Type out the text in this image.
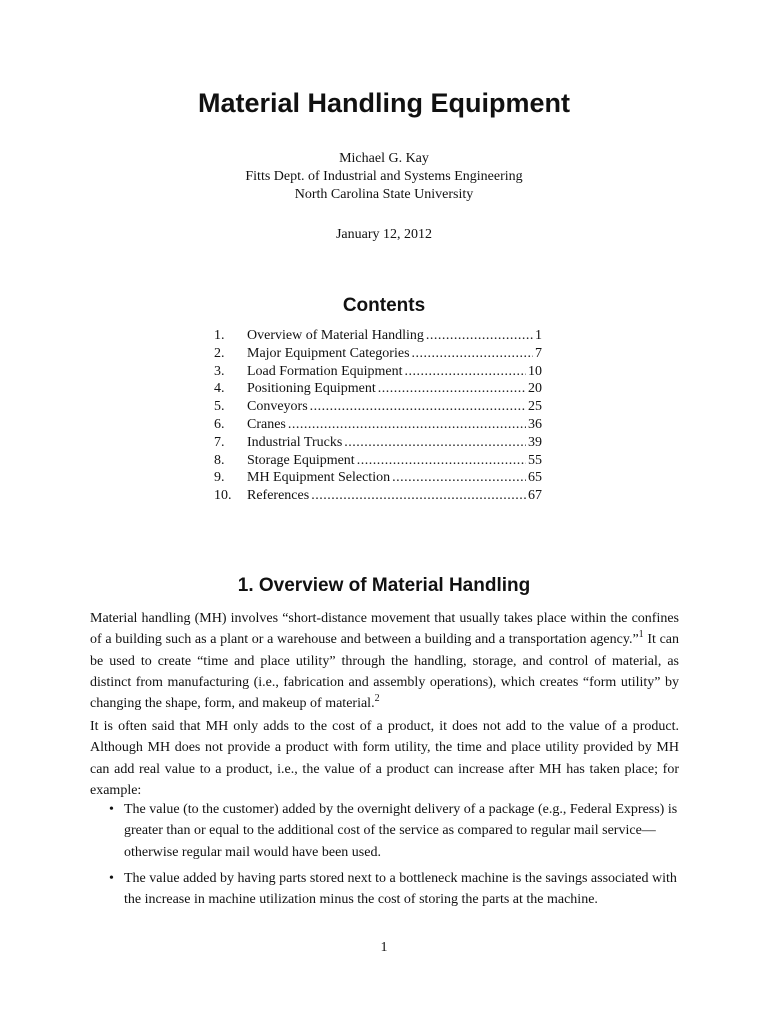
Material Handling Equipment
Michael G. Kay
Fitts Dept. of Industrial and Systems Engineering
North Carolina State University
January 12, 2012
Contents
1.	Overview of Material Handling .....	1
2.	Major Equipment Categories .....	7
3.	Load Formation Equipment .....	10
4.	Positioning Equipment .....	20
5.	Conveyors .....	25
6.	Cranes .....	36
7.	Industrial Trucks .....	39
8.	Storage Equipment .....	55
9.	MH Equipment Selection .....	65
10.	References .....	67
1. Overview of Material Handling

Material handling (MH) involves “short-distance movement that usually takes place within the confines of a building such as a plant or a warehouse and between a building and a transportation agency.”$^1$ It can be used to create “time and place utility” through the handling, storage, and control of material, as distinct from manufacturing (i.e., fabrication and assembly operations), which creates “form utility” by changing the shape, form, and makeup of material.$^2$

It is often said that MH only adds to the cost of a product, it does not add to the value of a product. Although MH does not provide a product with form utility, the time and place utility provided by MH can add real value to a product, i.e., the value of a product can increase after MH has taken place; for example:

• The value (to the customer) added by the overnight delivery of a package (e.g., Federal Express) is greater than or equal to the additional cost of the service as compared to regular mail service—otherwise regular mail would have been used.
• The value added by having parts stored next to a bottleneck machine is the savings associated with the increase in machine utilization minus the cost of storing the parts at the machine.
1
